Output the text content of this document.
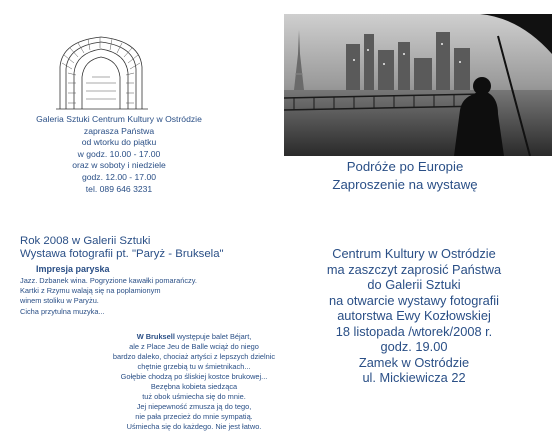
Galeria Sztuki Centrum Kultury w Ostródzie
zaprasza Państwa
od wtorku do piątku
w godz. 10.00 - 17.00
oraz w soboty i niedziele
godz. 12.00 - 17.00
tel. 089 646 3231
Podróże po Europie
Zaproszenie na wystawę
Rok 2008 w Galerii Sztuki
Wystawa fotografii pt. "Paryż - Bruksela"
Impresja paryska
Jazz. Dzbanek wina. Pogryzione kawałki pomarańczy.
Kartki z Rzymu walają się na poplamionym
winem stoliku w Paryżu.
Cicha przytulna muzyka...
W Bruksell występuje balet Béjart,
ale z Place Jeu de Balle wciąż do niego
bardzo daleko, chociaż artyści z lepszych dzielnic
chętnie grzebią tu w śmietnikach...
Gołębie chodzą po śliskiej kostce brukowej...
Bezębna kobieta siedząca
tuż obok uśmiecha się do mnie.
Jej niepewność zmusza ją do tego,
nie pała przecież do mnie sympatią.
Uśmiecha się do każdego. Nie jest łatwo.
Centrum Kultury w Ostródzie
ma zaszczyt zaprosić Państwa
do Galerii Sztuki
na otwarcie wystawy fotografii
autorstwa Ewy Kozłowskiej
18 listopada /wtorek/2008 r.
godz. 19.00
Zamek w Ostródzie
ul. Mickiewicza 22
